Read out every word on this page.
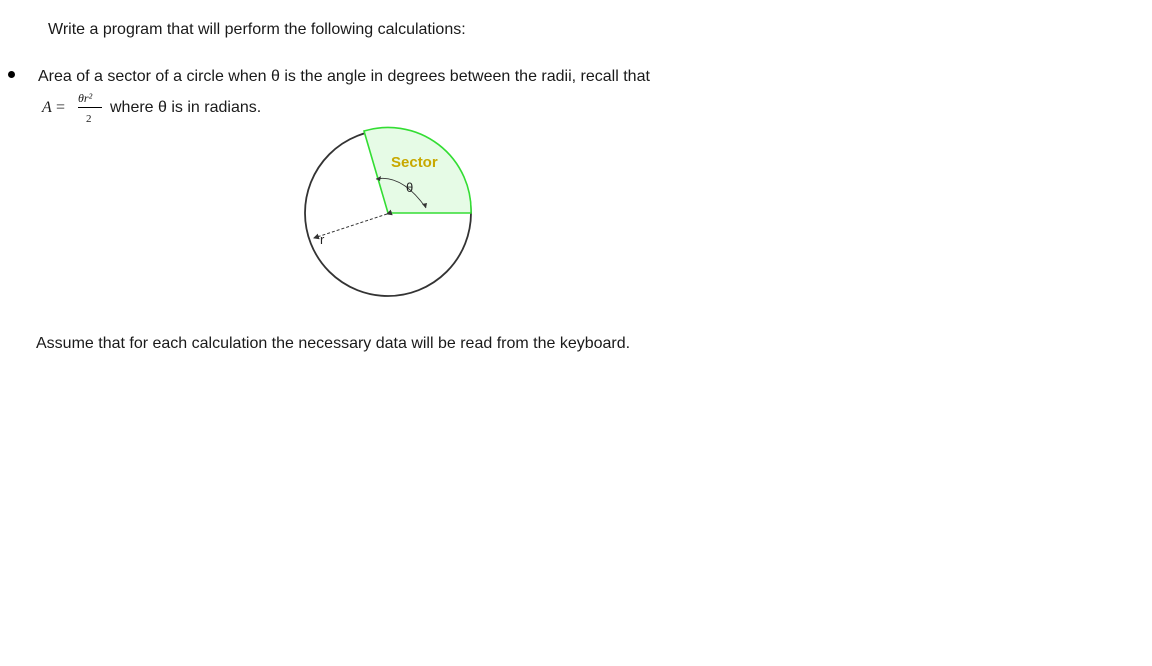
Write a program that will perform the following calculations:
Area of a sector of a circle when θ is the angle in degrees between the radii, recall that
A =
θr²
2
where θ is in radians.
Sector
θ
r
Assume that for each calculation the necessary data will be read from the keyboard.
